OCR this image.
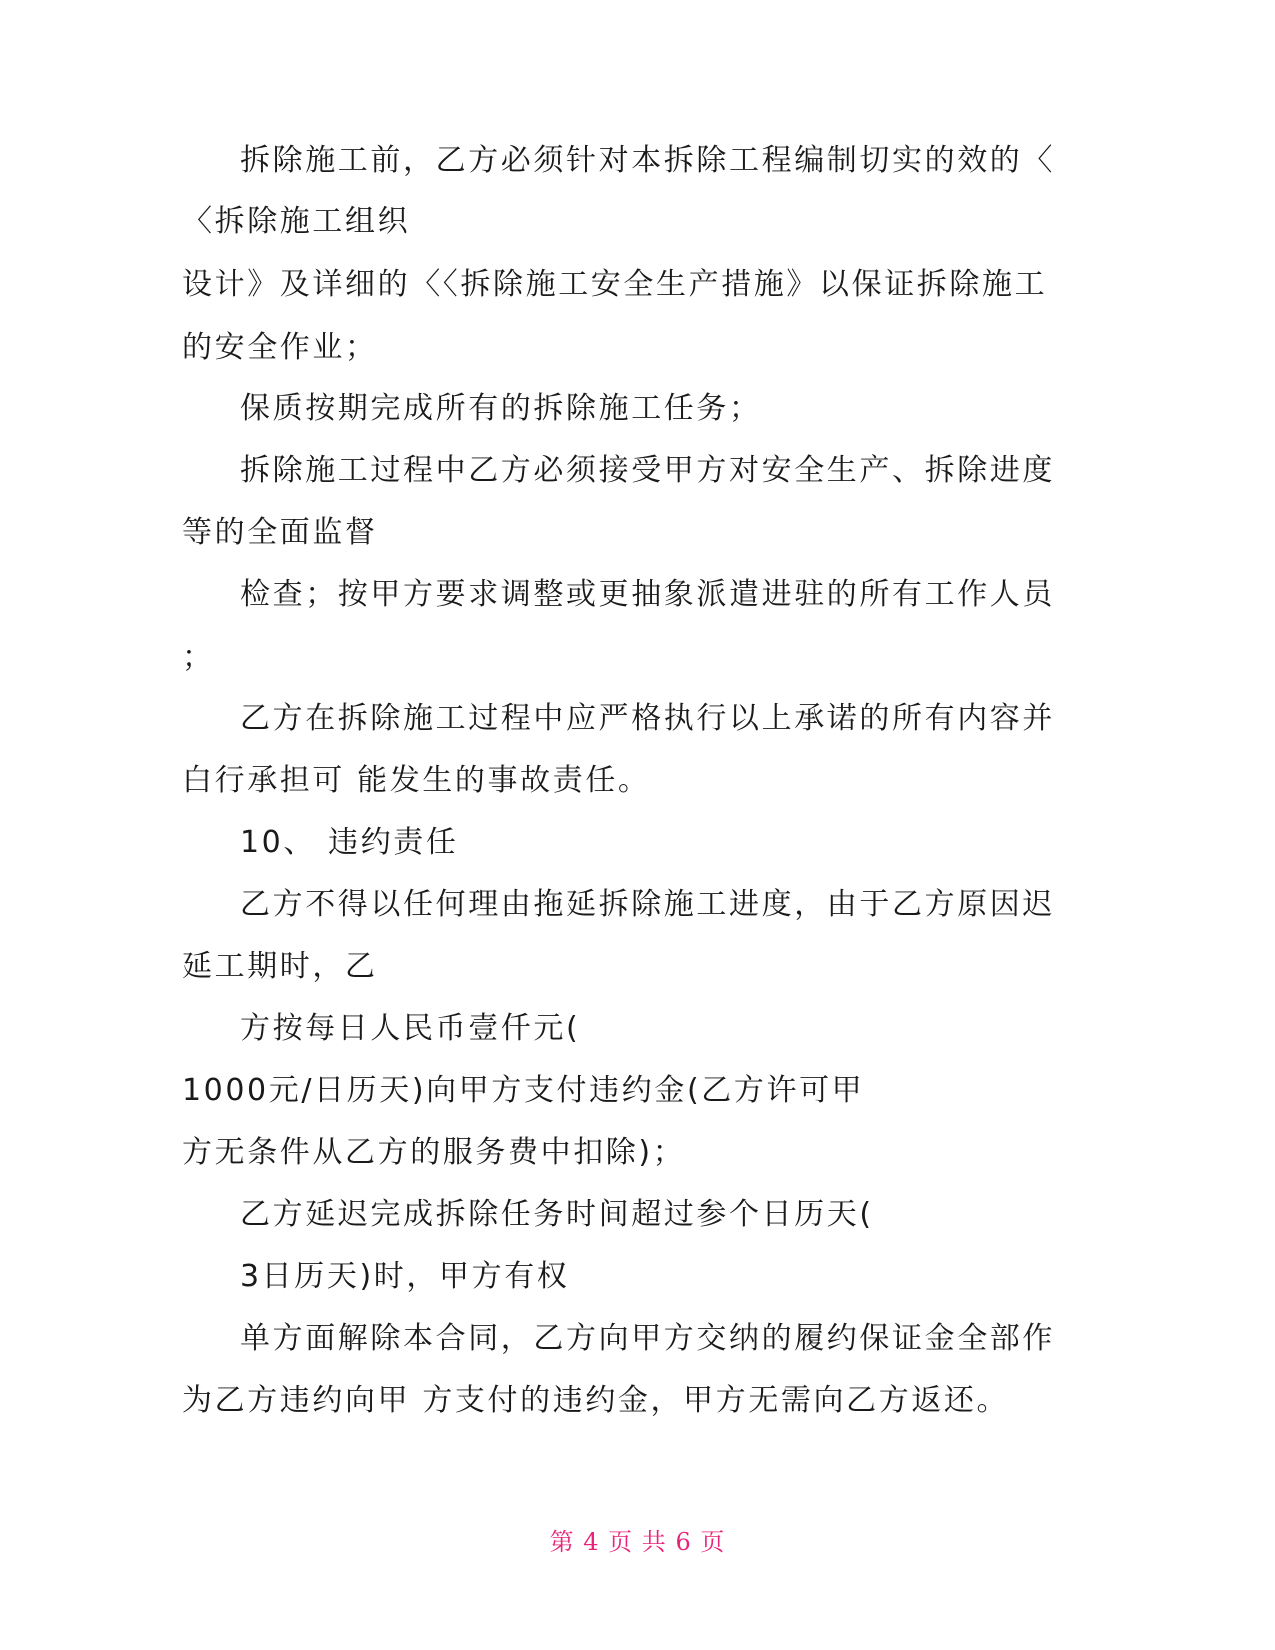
拆除施工前，乙方必须针对本拆除工程编制切实的效的〈
〈拆除施工组织
设计》及详细的〈〈拆除施工安全生产措施》以保证拆除施工
的安全作业；
保质按期完成所有的拆除施工任务；
拆除施工过程中乙方必须接受甲方对安全生产、拆除进度
等的全面监督
检查；按甲方要求调整或更抽象派遣进驻的所有工作人员
；
乙方在拆除施工过程中应严格执行以上承诺的所有内容并
白行承担可 能发生的事故责任。
10、 违约责任
乙方不得以任何理由拖延拆除施工进度，由于乙方原因迟
延工期时，乙
方按每日人民币壹仟元(
1000元/日历天)向甲方支付违约金(乙方许可甲
方无条件从乙方的服务费中扣除)；
乙方延迟完成拆除任务时间超过参个日历天(
3日历天)时，甲方有权
单方面解除本合同，乙方向甲方交纳的履约保证金全部作
为乙方违约向甲 方支付的违约金，甲方无需向乙方返还。
第 4 页 共 6 页
